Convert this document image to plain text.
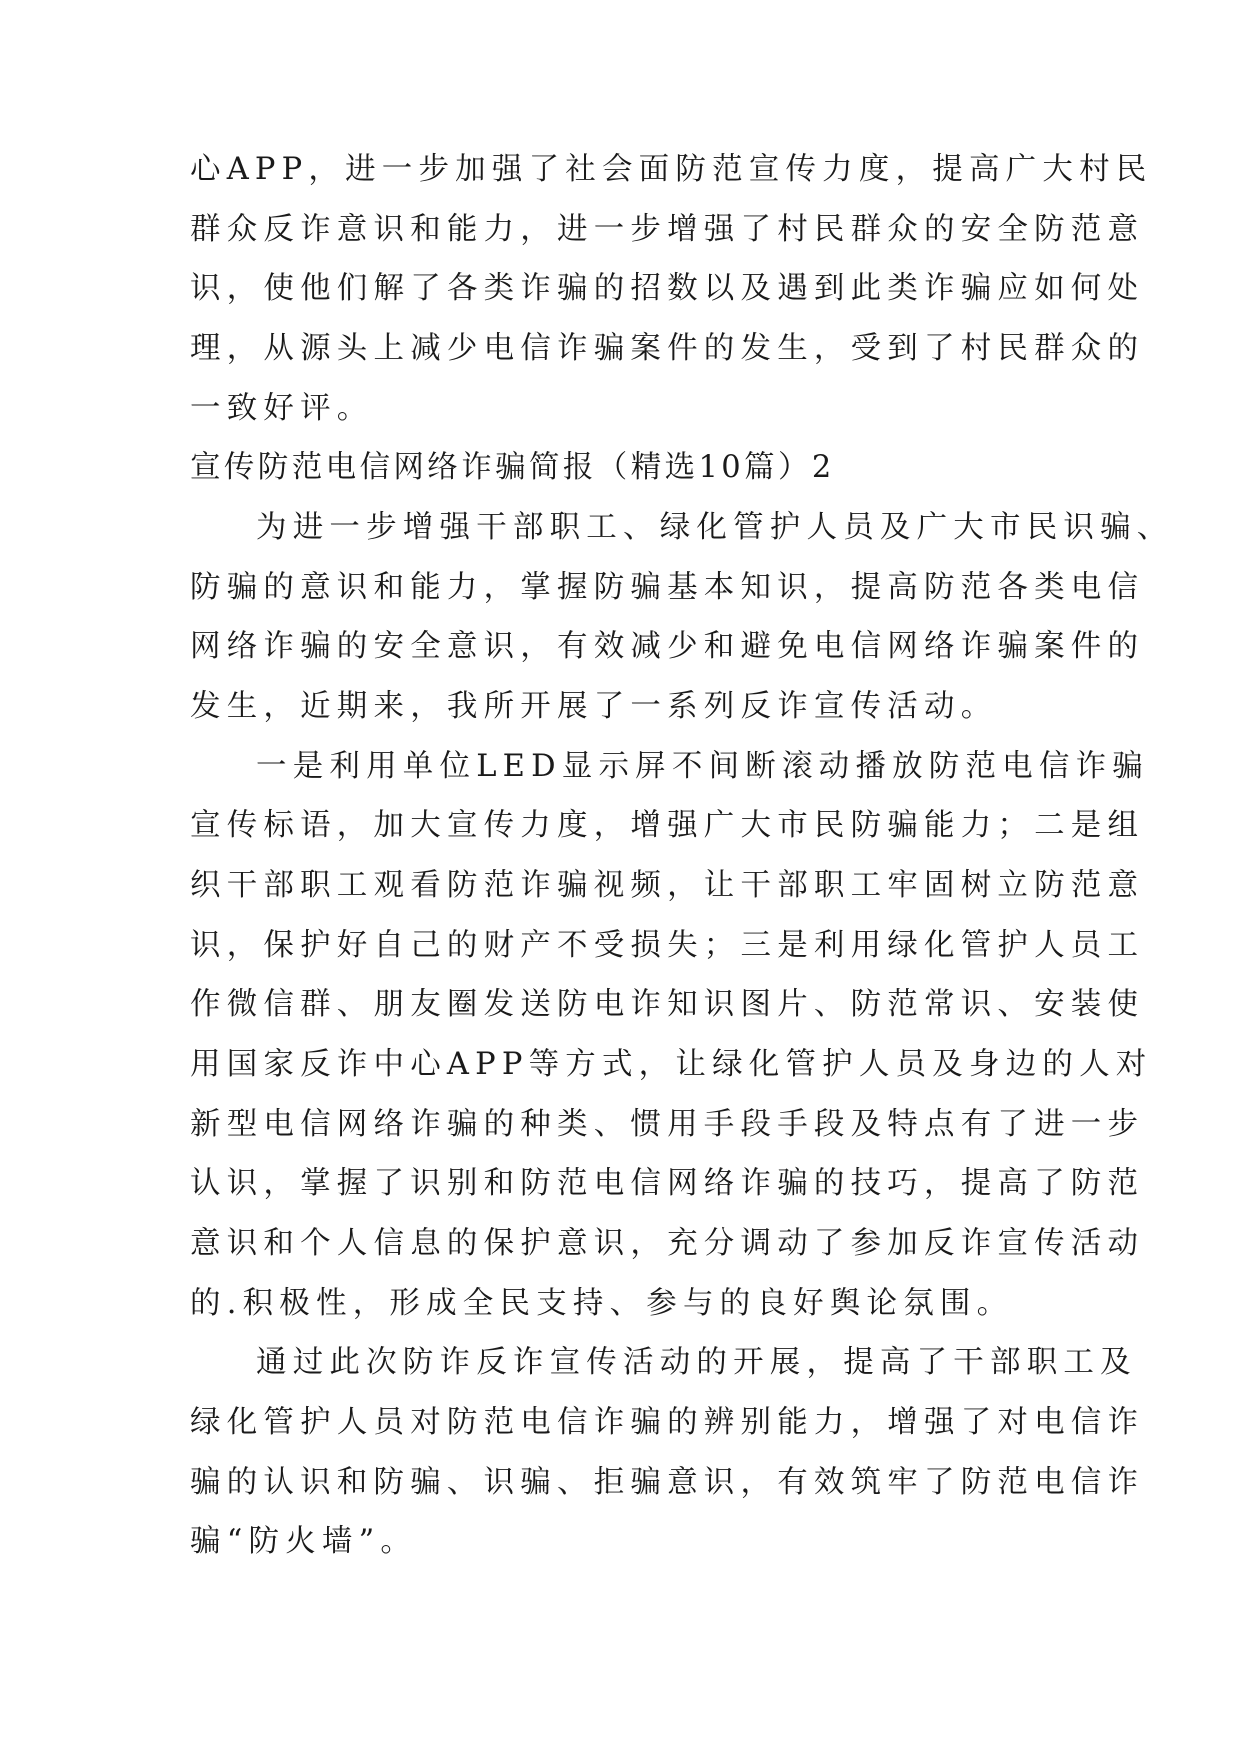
心APP，进一步加强了社会面防范宣传力度，提高广大村民
群众反诈意识和能力，进一步增强了村民群众的安全防范意
识，使他们解了各类诈骗的招数以及遇到此类诈骗应如何处
理，从源头上减少电信诈骗案件的发生，受到了村民群众的
一致好评。
宣传防范电信网络诈骗简报（精选10篇）2
为进一步增强干部职工、绿化管护人员及广大市民识骗、
防骗的意识和能力，掌握防骗基本知识，提高防范各类电信
网络诈骗的安全意识，有效减少和避免电信网络诈骗案件的
发生，近期来，我所开展了一系列反诈宣传活动。
一是利用单位LED显示屏不间断滚动播放防范电信诈骗
宣传标语，加大宣传力度，增强广大市民防骗能力；二是组
织干部职工观看防范诈骗视频，让干部职工牢固树立防范意
识，保护好自己的财产不受损失；三是利用绿化管护人员工
作微信群、朋友圈发送防电诈知识图片、防范常识、安装使
用国家反诈中心APP等方式，让绿化管护人员及身边的人对
新型电信网络诈骗的种类、惯用手段手段及特点有了进一步
认识，掌握了识别和防范电信网络诈骗的技巧，提高了防范
意识和个人信息的保护意识，充分调动了参加反诈宣传活动
的.积极性，形成全民支持、参与的良好舆论氛围。
通过此次防诈反诈宣传活动的开展，提高了干部职工及
绿化管护人员对防范电信诈骗的辨别能力，增强了对电信诈
骗的认识和防骗、识骗、拒骗意识，有效筑牢了防范电信诈
骗“防火墙”。
